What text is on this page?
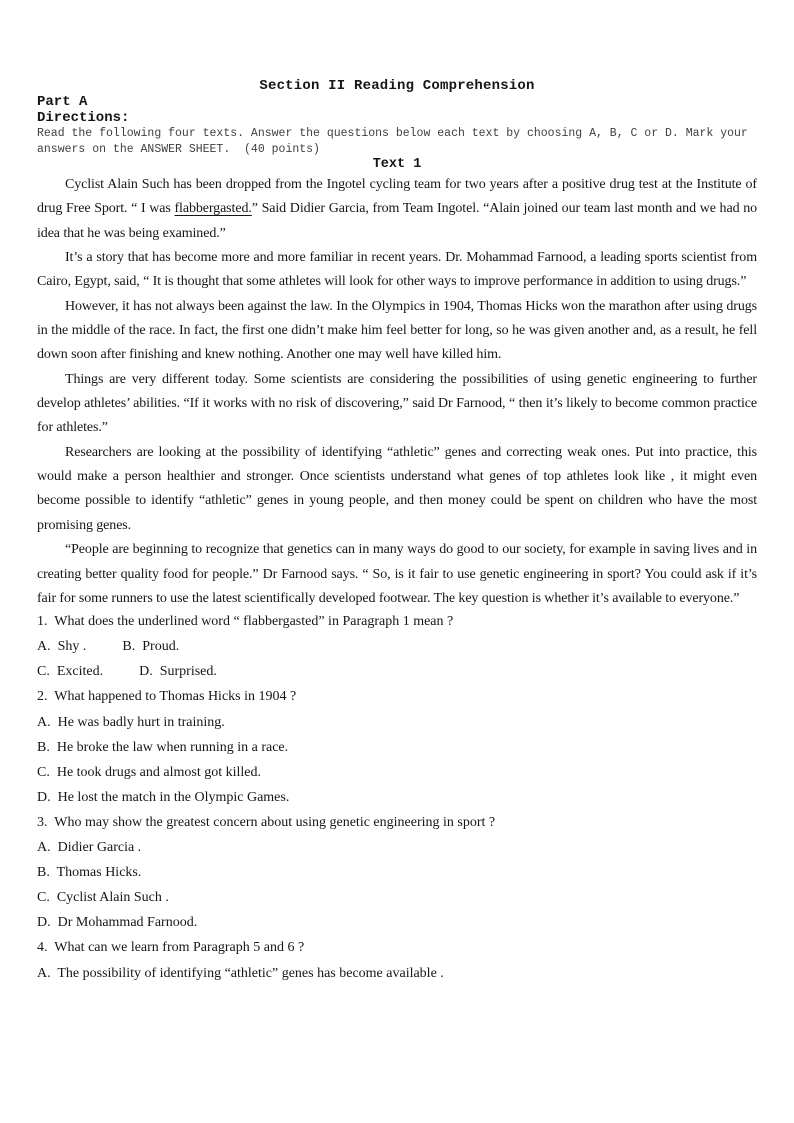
Section II Reading Comprehension
Part A
Directions:
Read the following four texts. Answer the questions below each text by choosing A, B, C or D. Mark your answers on the ANSWER SHEET.  (40 points)
Text 1

Cyclist Alain Such has been dropped from the Ingotel cycling team for two years after a positive drug test at the Institute of drug Free Sport. “ I was flabbergasted.” Said Didier Garcia, from Team Ingotel. “Alain joined our team last month and we had no idea that he was being examined.”

It’s a story that has become more and more familiar in recent years. Dr. Mohammad Farnood, a leading sports scientist from Cairo, Egypt, said, “ It is thought that some athletes will look for other ways to improve performance in addition to using drugs.”

However, it has not always been against the law. In the Olympics in 1904, Thomas Hicks won the marathon after using drugs in the middle of the race. In fact, the first one didn’t make him feel better for long, so he was given another and, as a result, he fell down soon after finishing and knew nothing. Another one may well have killed him.

Things are very different today. Some scientists are considering the possibilities of using genetic engineering to further develop athletes’ abilities. “If it works with no risk of discovering,” said Dr Farnood, “ then it’s likely to become common practice for athletes.”

Researchers are looking at the possibility of identifying “athletic” genes and correcting weak ones. Put into practice, this would make a person healthier and stronger. Once scientists understand what genes of top athletes look like , it might even become possible to identify “athletic” genes in young people, and then money could be spent on children who have the most promising genes.

“People are beginning to recognize that genetics can in many ways do good to our society, for example in saving lives and in creating better quality food for people.” Dr Farnood says. “ So, is it fair to use genetic engineering in sport? You could ask if it’s fair for some runners to use the latest scientifically developed footwear. The key question is whether it’s available to everyone.”

1.  What does the underlined word “ flabbergasted” in Paragraph 1 mean ?
A.  Shy .	B.  Proud.
C.  Excited.	D.  Surprised.
2.  What happened to Thomas Hicks in 1904 ?
A.  He was badly hurt in training.
B.  He broke the law when running in a race.
C.  He took drugs and almost got killed.
D.  He lost the match in the Olympic Games.
3.  Who may show the greatest concern about using genetic engineering in sport ?
A.  Didier Garcia .
B.  Thomas Hicks.
C.  Cyclist Alain Such .
D.  Dr Mohammad Farnood.
4.  What can we learn from Paragraph 5 and 6 ?
A.  The possibility of identifying “athletic” genes has become available .
